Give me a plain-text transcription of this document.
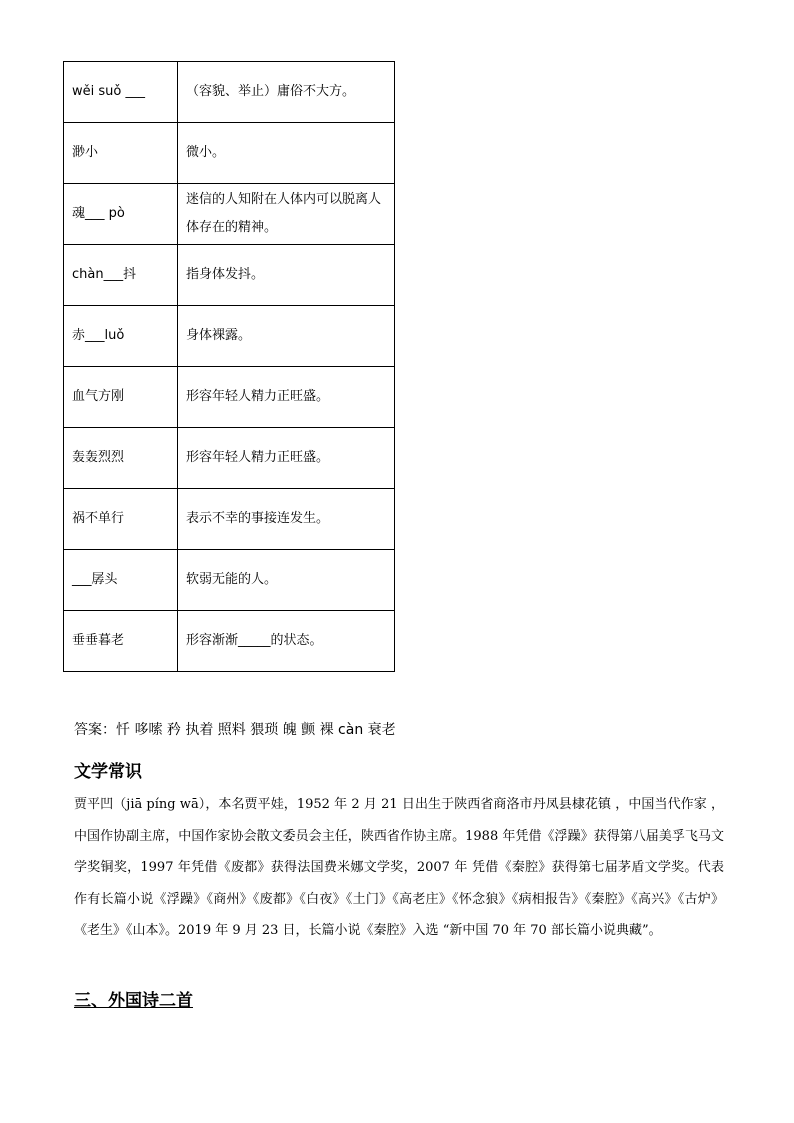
wěi suǒ ___	（容貌、举止）庸俗不大方。
渺小	微小。
魂___ pò	迷信的人知附在人体内可以脱离人体存在的精神。
chàn___抖	指身体发抖。
赤___luǒ	身体裸露。
血气方刚	形容年轻人精力正旺盛。
轰轰烈烈	形容年轻人精力正旺盛。
祸不单行	表示不幸的事接连发生。
___孱头	软弱无能的人。
垂垂暮老	形容渐渐_____的状态。
答案：忏 哆嗦 矜 执着 照料 猥琐 魄 颤 裸 càn 衰老
文学常识
贾平凹（jiā píng wā），本名贾平娃，1952 年 2 月 21 日出生于陕西省商洛市丹凤县棣花镇 ，中国当代作家 ，中国作协副主席，中国作家协会散文委员会主任，陕西省作协主席。1988 年凭借《浮躁》获得第八届美孚飞马文学奖铜奖，1997 年凭借《废都》获得法国费米娜文学奖，2007 年 凭借《秦腔》获得第七届茅盾文学奖。代表作有长篇小说《浮躁》《商州》《废都》《白夜》《土门》《高老庄》《怀念狼》《病相报告》《秦腔》《高兴》《古炉》《老生》《山本》。2019 年 9 月 23 日，长篇小说《秦腔》入选 “新中国 70 年 70 部长篇小说典藏”。
三、外国诗二首
